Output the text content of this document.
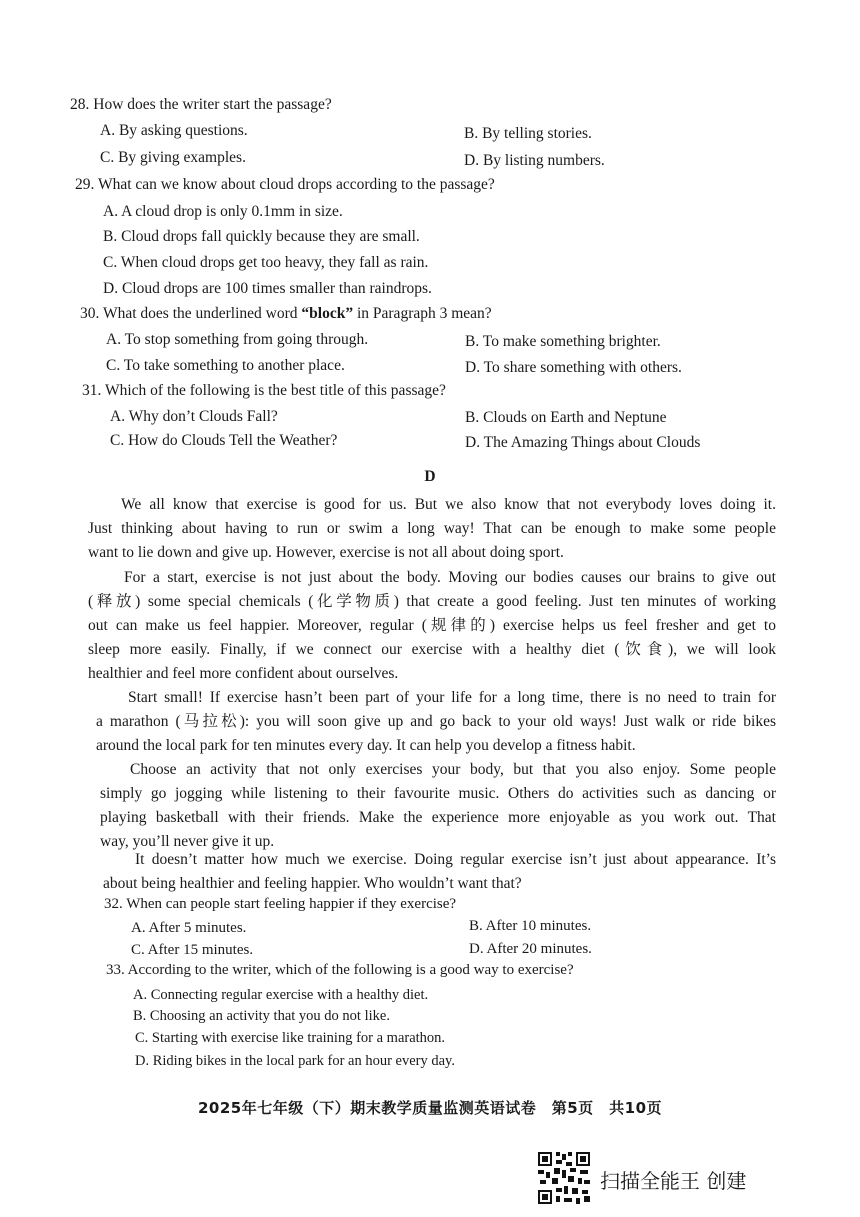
28. How does the writer start the passage?
A. By asking questions.	B. By telling stories.
C. By giving examples.	D. By listing numbers.
29. What can we know about cloud drops according to the passage?
A. A cloud drop is only 0.1mm in size.
B. Cloud drops fall quickly because they are small.
C. When cloud drops get too heavy, they fall as rain.
D. Cloud drops are 100 times smaller than raindrops.
30. What does the underlined word “block” in Paragraph 3 mean?
A. To stop something from going through.	B. To make something brighter.
C. To take something to another place.	D. To share something with others.
31. Which of the following is the best title of this passage?
A. Why don’t Clouds Fall?	B. Clouds on Earth and Neptune
C. How do Clouds Tell the Weather?	D. The Amazing Things about Clouds
D
We all know that exercise is good for us. But we also know that not everybody loves doing it.
Just thinking about having to run or swim a long way! That can be enough to make some people
want to lie down and give up. However, exercise is not all about doing sport.
For a start, exercise is not just about the body. Moving our bodies causes our brains to give out
(释放) some special chemicals (化学物质) that create a good feeling. Just ten minutes of working
out can make us feel happier. Moreover, regular (规律的) exercise helps us feel fresher and get to
sleep more easily. Finally, if we connect our exercise with a healthy diet (饮食), we will look
healthier and feel more confident about ourselves.
Start small! If exercise hasn’t been part of your life for a long time, there is no need to train for
a marathon (马拉松): you will soon give up and go back to your old ways! Just walk or ride bikes
around the local park for ten minutes every day. It can help you develop a fitness habit.
Choose an activity that not only exercises your body, but that you also enjoy. Some people
simply go jogging while listening to their favourite music. Others do activities such as dancing or
playing basketball with their friends. Make the experience more enjoyable as you work out. That
way, you’ll never give it up.
It doesn’t matter how much we exercise. Doing regular exercise isn’t just about appearance. It’s
about being healthier and feeling happier. Who wouldn’t want that?
32. When can people start feeling happier if they exercise?
A. After 5 minutes.	B. After 10 minutes.
C. After 15 minutes.	D. After 20 minutes.
33. According to the writer, which of the following is a good way to exercise?
A. Connecting regular exercise with a healthy diet.
B. Choosing an activity that you do not like.
C. Starting with exercise like training for a marathon.
D. Riding bikes in the local park for an hour every day.
2025年七年级（下）期末教学质量监测英语试卷　第5页　共10页
扫描全能王 创建
